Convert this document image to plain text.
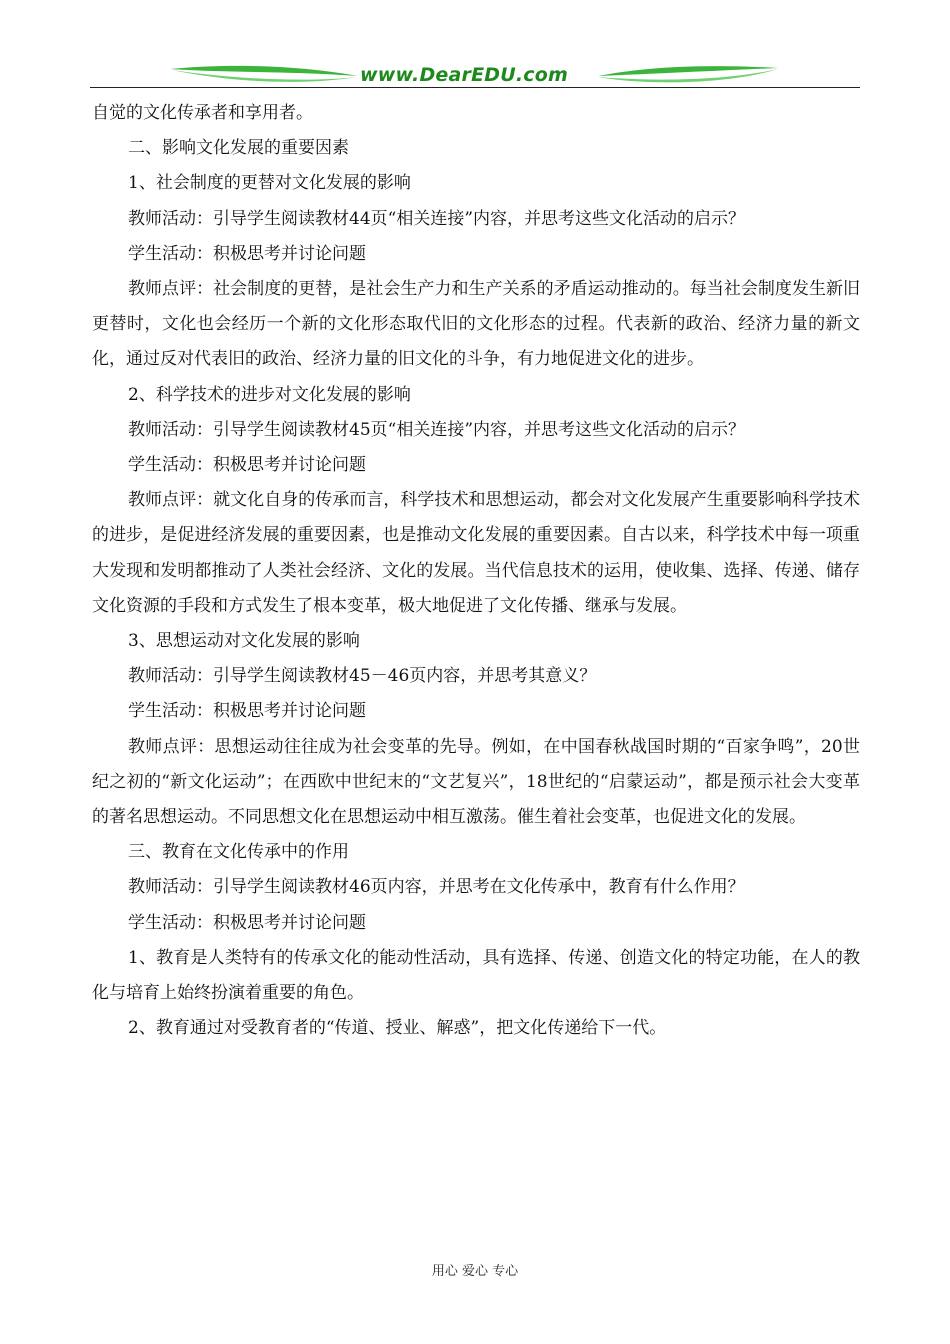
www.DearEDU.com

自觉的文化传承者和享用者。

二、影响文化发展的重要因素

1、社会制度的更替对文化发展的影响

教师活动：引导学生阅读教材44页“相关连接”内容，并思考这些文化活动的启示？

学生活动：积极思考并讨论问题

教师点评：社会制度的更替，是社会生产力和生产关系的矛盾运动推动的。每当社会制度发生新旧更替时，文化也会经历一个新的文化形态取代旧的文化形态的过程。代表新的政治、经济力量的新文化，通过反对代表旧的政治、经济力量的旧文化的斗争，有力地促进文化的进步。

2、科学技术的进步对文化发展的影响

教师活动：引导学生阅读教材45页“相关连接”内容，并思考这些文化活动的启示？

学生活动：积极思考并讨论问题

教师点评：就文化自身的传承而言，科学技术和思想运动，都会对文化发展产生重要影响科学技术的进步，是促进经济发展的重要因素，也是推动文化发展的重要因素。自古以来，科学技术中每一项重大发现和发明都推动了人类社会经济、文化的发展。当代信息技术的运用，使收集、选择、传递、储存文化资源的手段和方式发生了根本变革，极大地促进了文化传播、继承与发展。

3、思想运动对文化发展的影响

教师活动：引导学生阅读教材45－46页内容，并思考其意义？

学生活动：积极思考并讨论问题

教师点评：思想运动往往成为社会变革的先导。例如，在中国春秋战国时期的“百家争鸣”，20世纪之初的“新文化运动”；在西欧中世纪末的“文艺复兴”，18世纪的“启蒙运动”，都是预示社会大变革的著名思想运动。不同思想文化在思想运动中相互激荡。催生着社会变革，也促进文化的发展。

三、教育在文化传承中的作用

教师活动：引导学生阅读教材46页内容，并思考在文化传承中，教育有什么作用？

学生活动：积极思考并讨论问题

1、教育是人类特有的传承文化的能动性活动，具有选择、传递、创造文化的特定功能，在人的教化与培育上始终扮演着重要的角色。

2、教育通过对受教育者的“传道、授业、解惑”，把文化传递给下一代。

用心 爱心 专心
